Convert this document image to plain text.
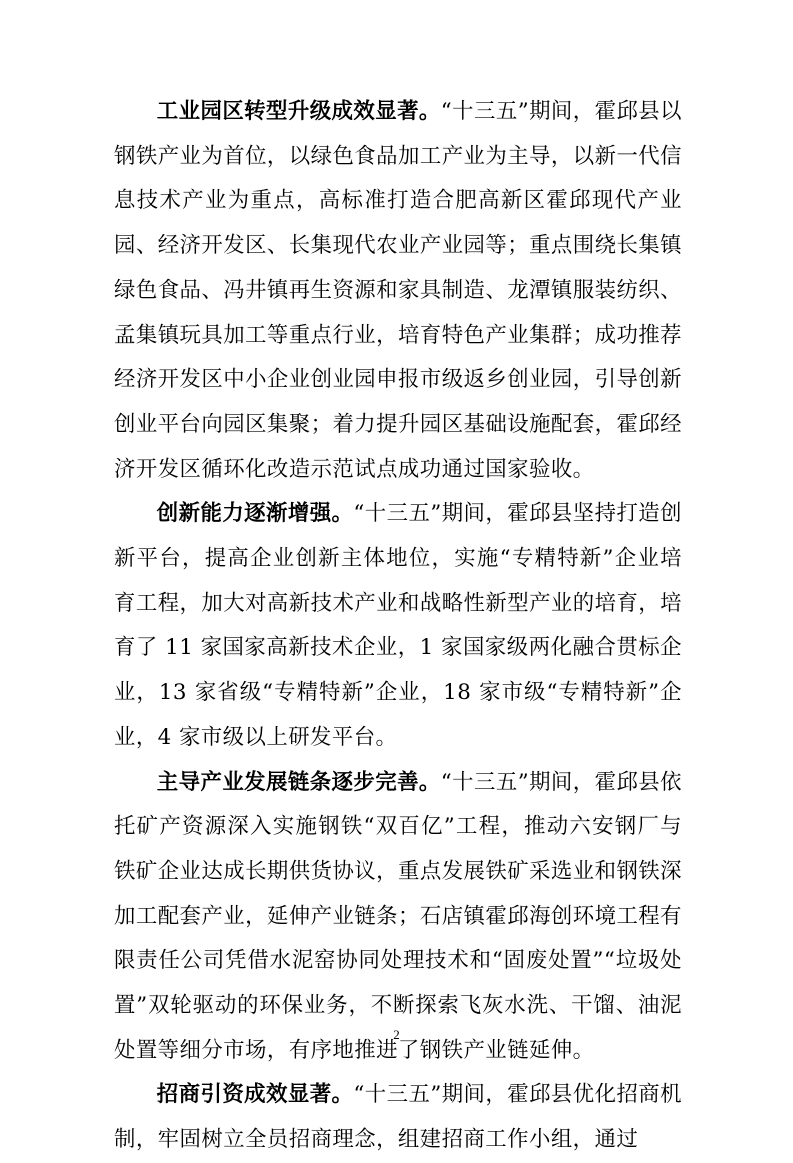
工业园区转型升级成效显著。“十三五”期间，霍邱县以钢铁产业为首位，以绿色食品加工产业为主导，以新一代信息技术产业为重点，高标准打造合肥高新区霍邱现代产业园、经济开发区、长集现代农业产业园等；重点围绕长集镇绿色食品、冯井镇再生资源和家具制造、龙潭镇服装纺织、孟集镇玩具加工等重点行业，培育特色产业集群；成功推荐经济开发区中小企业创业园申报市级返乡创业园，引导创新创业平台向园区集聚；着力提升园区基础设施配套，霍邱经济开发区循环化改造示范试点成功通过国家验收。

创新能力逐渐增强。“十三五”期间，霍邱县坚持打造创新平台，提高企业创新主体地位，实施“专精特新”企业培育工程，加大对高新技术产业和战略性新型产业的培育，培育了 11 家国家高新技术企业，1 家国家级两化融合贯标企业，13 家省级“专精特新”企业，18 家市级“专精特新”企业，4 家市级以上研发平台。

主导产业发展链条逐步完善。“十三五”期间，霍邱县依托矿产资源深入实施钢铁“双百亿”工程，推动六安钢厂与铁矿企业达成长期供货协议，重点发展铁矿采选业和钢铁深加工配套产业，延伸产业链条；石店镇霍邱海创环境工程有限责任公司凭借水泥窑协同处理技术和“固废处置”“垃圾处置”双轮驱动的环保业务，不断探索飞灰水洗、干馏、油泥处置等细分市场，有序地推进了钢铁产业链延伸。

招商引资成效显著。“十三五”期间，霍邱县优化招商机制，牢固树立全员招商理念，组建招商工作小组，通过

2
